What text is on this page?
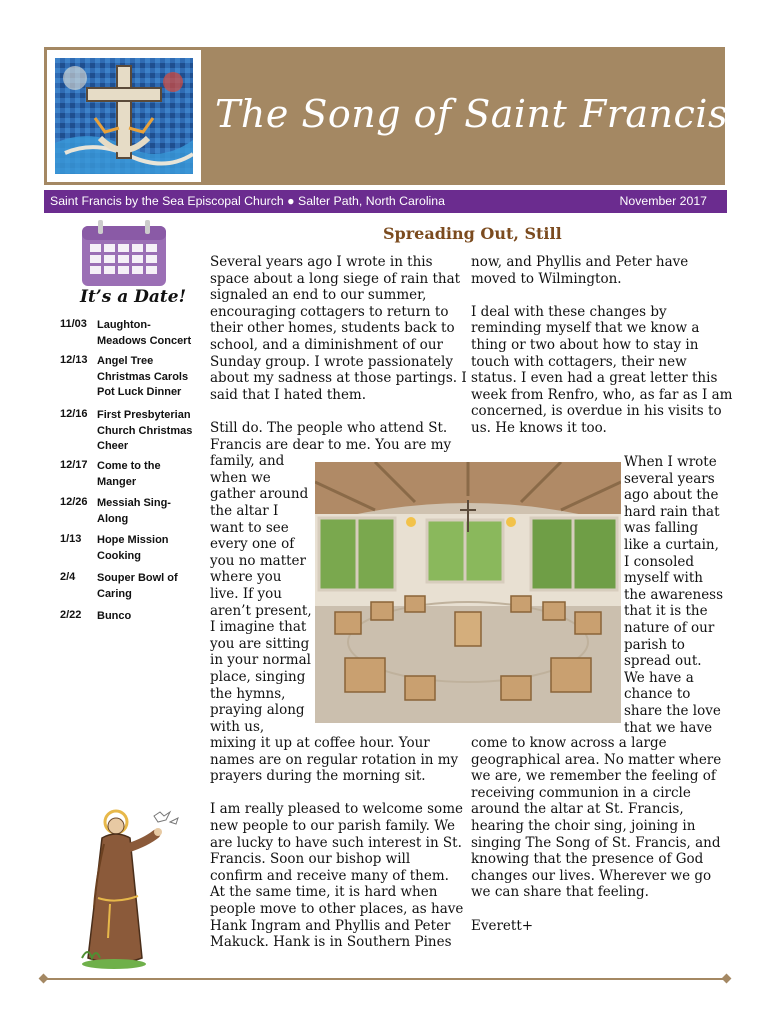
The Song of Saint Francis
Saint Francis by the Sea Episcopal Church ● Salter Path, North Carolina	November 2017
It’s a Date!
11/03 Laughton-
Meadows Concert
12/13 Angel Tree
Christmas Carols
Pot Luck Dinner
12/16 First Presbyterian
Church Christmas
Cheer
12/17 Come to the
Manger
12/26 Messiah Sing-
Along
1/13	Hope Mission
Cooking
2/4	Souper Bowl of
Caring
2/22	Bunco
Spreading Out, Still
Several years ago I wrote in this
space about a long siege of rain that
signaled an end to our summer,
encouraging cottagers to return to
their other homes, students back to
school, and a diminishment of our
Sunday group. I wrote passionately
about my sadness at those partings. I
said that I hated them.
Still do. The people who attend St.
Francis are dear to me. You are my
family, and
when we
gather around
the altar I
want to see
every one of
you no matter
where you
live. If you
aren’t present,
I imagine that
you are sitting
in your normal
place, singing
the hymns,
praying along
with us,
mixing it up at coffee hour. Your
names are on regular rotation in my
prayers during the morning sit.
I am really pleased to welcome some
new people to our parish family. We
are lucky to have such interest in St.
Francis. Soon our bishop will
confirm and receive many of them.
At the same time, it is hard when
people move to other places, as have
Hank Ingram and Phyllis and Peter
Makuck. Hank is in Southern Pines
now, and Phyllis and Peter have
moved to Wilmington.
I deal with these changes by
reminding myself that we know a
thing or two about how to stay in
touch with cottagers, their new
status. I even had a great letter this
week from Renfro, who, as far as I am
concerned, is overdue in his visits to
us. He knows it too.
When I wrote
several years
ago about the
hard rain that
was falling
like a curtain,
I consoled
myself with
the awareness
that it is the
nature of our
parish to
spread out.
We have a
chance to
share the love
that we have
come to know across a large
geographical area. No matter where
we are, we remember the feeling of
receiving communion in a circle
around the altar at St. Francis,
hearing the choir sing, joining in
singing The Song of St. Francis, and
knowing that the presence of God
changes our lives. Wherever we go
we can share that feeling.
Everett+
